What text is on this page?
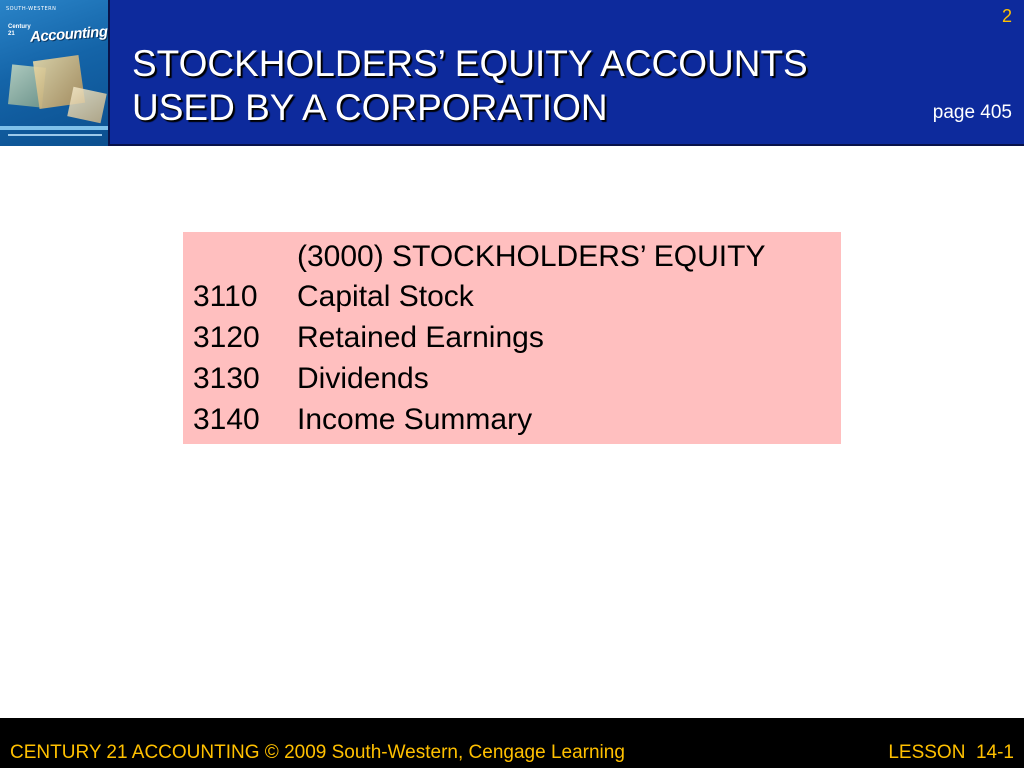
SOUTH-WESTERN
Century 21 Accounting
STOCKHOLDERS’ EQUITY ACCOUNTS
USED BY A CORPORATION
2
page 405
(3000) STOCKHOLDERS’ EQUITY
3110 Capital Stock
3120 Retained Earnings
3130 Dividends
3140 Income Summary
CENTURY 21 ACCOUNTING © 2009 South-Western, Cengage Learning	LESSON  14-1
